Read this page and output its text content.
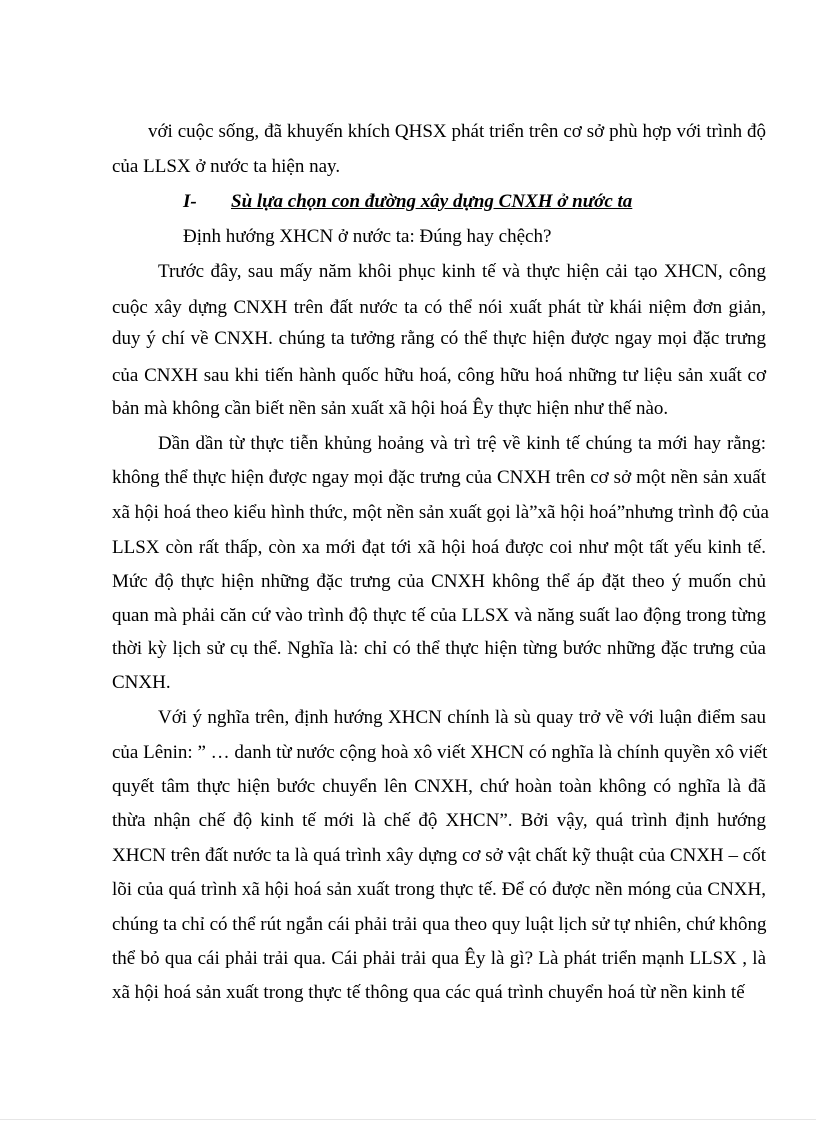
với cuộc sống, đã khuyến khích QHSX phát triển trên cơ sở phù hợp với trình độ
của LLSX ở nước ta hiện nay.
I- Sù lựa chọn con đường xây dựng CNXH ở nước ta
Định hướng XHCN ở nước ta: Đúng hay chệch?
Trước đây, sau mấy năm khôi phục kinh tế và thực hiện cải tạo XHCN, công
cuộc xây dựng CNXH trên đất nước ta có thể nói xuất phát từ khái niệm đơn giản,
duy ý chí về CNXH. chúng ta tưởng rằng có thể thực hiện được ngay mọi đặc trưng
của CNXH sau khi tiến hành quốc hữu hoá, công hữu hoá những tư liệu sản xuất cơ
bản mà không cần biết nền sản xuất xã hội hoá Êy thực hiện như thế nào.
Dần dần từ thực tiễn khủng hoảng và trì trệ về kinh tế chúng ta mới hay rằng:
không thể thực hiện được ngay mọi đặc trưng của CNXH trên cơ sở một nền sản xuất
xã hội hoá theo kiểu hình thức, một nền sản xuất gọi là”xã hội hoá”nhưng trình độ của
LLSX còn rất thấp, còn xa mới đạt tới xã hội hoá được coi như một tất yếu kinh tế.
Mức độ thực hiện những đặc trưng của CNXH không thể áp đặt theo ý muốn chủ
quan mà phải căn cứ vào trình độ thực tế của LLSX và năng suất lao động trong từng
thời kỳ lịch sử cụ thể. Nghĩa là: chỉ có thể thực hiện từng bước những đặc trưng của
CNXH.
Với ý nghĩa trên, định hướng XHCN chính là sù quay trở về với luận điểm sau
của Lênin: ” … danh từ nước cộng hoà xô viết XHCN có nghĩa là chính quyền xô viết
quyết tâm thực hiện bước chuyển lên CNXH, chứ hoàn toàn không có nghĩa là đã
thừa nhận chế độ kinh tế mới là chế độ XHCN”. Bởi vậy, quá trình định hướng
XHCN trên đất nước ta là quá trình xây dựng cơ sở vật chất kỹ thuật của CNXH – cốt
lõi của quá trình xã hội hoá sản xuất trong thực tế. Để có được nền móng của CNXH,
chúng ta chỉ có thể rút ngắn cái phải trải qua theo quy luật lịch sử tự nhiên, chứ không
thể bỏ qua cái phải trải qua. Cái phải trải qua Êy là gì? Là phát triển mạnh LLSX , là
xã hội hoá sản xuất trong thực tế thông qua các quá trình chuyển hoá từ nền kinh tế
